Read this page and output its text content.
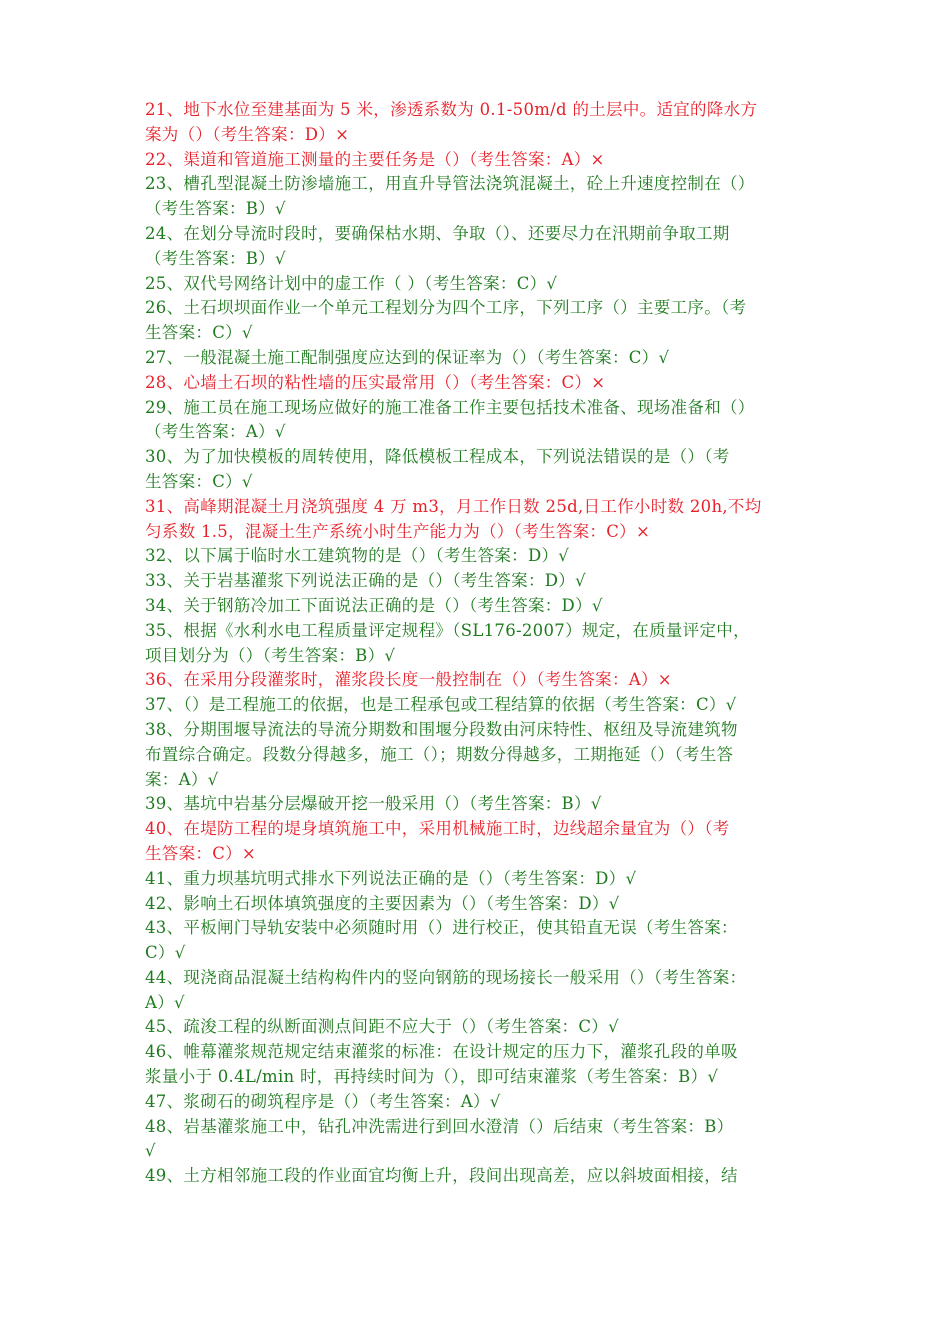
21、地下水位至建基面为 5 米，渗透系数为 0.1-50m/d 的土层中。适宜的降水方
案为（）（考生答案：D）×
22、渠道和管道施工测量的主要任务是（）（考生答案：A）×
23、槽孔型混凝土防渗墙施工，用直升导管法浇筑混凝土，砼上升速度控制在（）
（考生答案：B）√
24、在划分导流时段时，要确保枯水期、争取（）、还要尽力在汛期前争取工期
（考生答案：B）√
25、双代号网络计划中的虚工作（ ）（考生答案：C）√
26、土石坝坝面作业一个单元工程划分为四个工序，下列工序（）主要工序。（考
生答案：C）√
27、一般混凝土施工配制强度应达到的保证率为（）（考生答案：C）√
28、心墙土石坝的粘性墙的压实最常用（）（考生答案：C）×
29、施工员在施工现场应做好的施工准备工作主要包括技术准备、现场准备和（）
（考生答案：A）√
30、为了加快模板的周转使用，降低模板工程成本，下列说法错误的是（）（考
生答案：C）√
31、高峰期混凝土月浇筑强度 4 万 m3，月工作日数 25d,日工作小时数 20h,不均
匀系数 1.5，混凝土生产系统小时生产能力为（）（考生答案：C）×
32、以下属于临时水工建筑物的是（）（考生答案：D）√
33、关于岩基灌浆下列说法正确的是（）（考生答案：D）√
34、关于钢筋冷加工下面说法正确的是（）（考生答案：D）√
35、根据《水利水电工程质量评定规程》（SL176-2007）规定，在质量评定中，
项目划分为（）（考生答案：B）√
36、在采用分段灌浆时，灌浆段长度一般控制在（）（考生答案：A）×
37、（）是工程施工的依据，也是工程承包或工程结算的依据（考生答案：C）√
38、分期围堰导流法的导流分期数和围堰分段数由河床特性、枢纽及导流建筑物
布置综合确定。段数分得越多，施工（）；期数分得越多，工期拖延（）（考生答
案：A）√
39、基坑中岩基分层爆破开挖一般采用（）（考生答案：B）√
40、在堤防工程的堤身填筑施工中，采用机械施工时，边线超余量宜为（）（考
生答案：C）×
41、重力坝基坑明式排水下列说法正确的是（）（考生答案：D）√
42、影响土石坝体填筑强度的主要因素为（）（考生答案：D）√
43、平板闸门导轨安装中必须随时用（）进行校正，使其铅直无误（考生答案：
C）√
44、现浇商品混凝土结构构件内的竖向钢筋的现场接长一般采用（）（考生答案：
A）√
45、疏浚工程的纵断面测点间距不应大于（）（考生答案：C）√
46、帷幕灌浆规范规定结束灌浆的标准：在设计规定的压力下，灌浆孔段的单吸
浆量小于 0.4L/min 时，再持续时间为（），即可结束灌浆（考生答案：B）√
47、浆砌石的砌筑程序是（）（考生答案：A）√
48、岩基灌浆施工中，钻孔冲洗需进行到回水澄清（）后结束（考生答案：B）
√
49、土方相邻施工段的作业面宜均衡上升，段间出现高差，应以斜坡面相接，结
